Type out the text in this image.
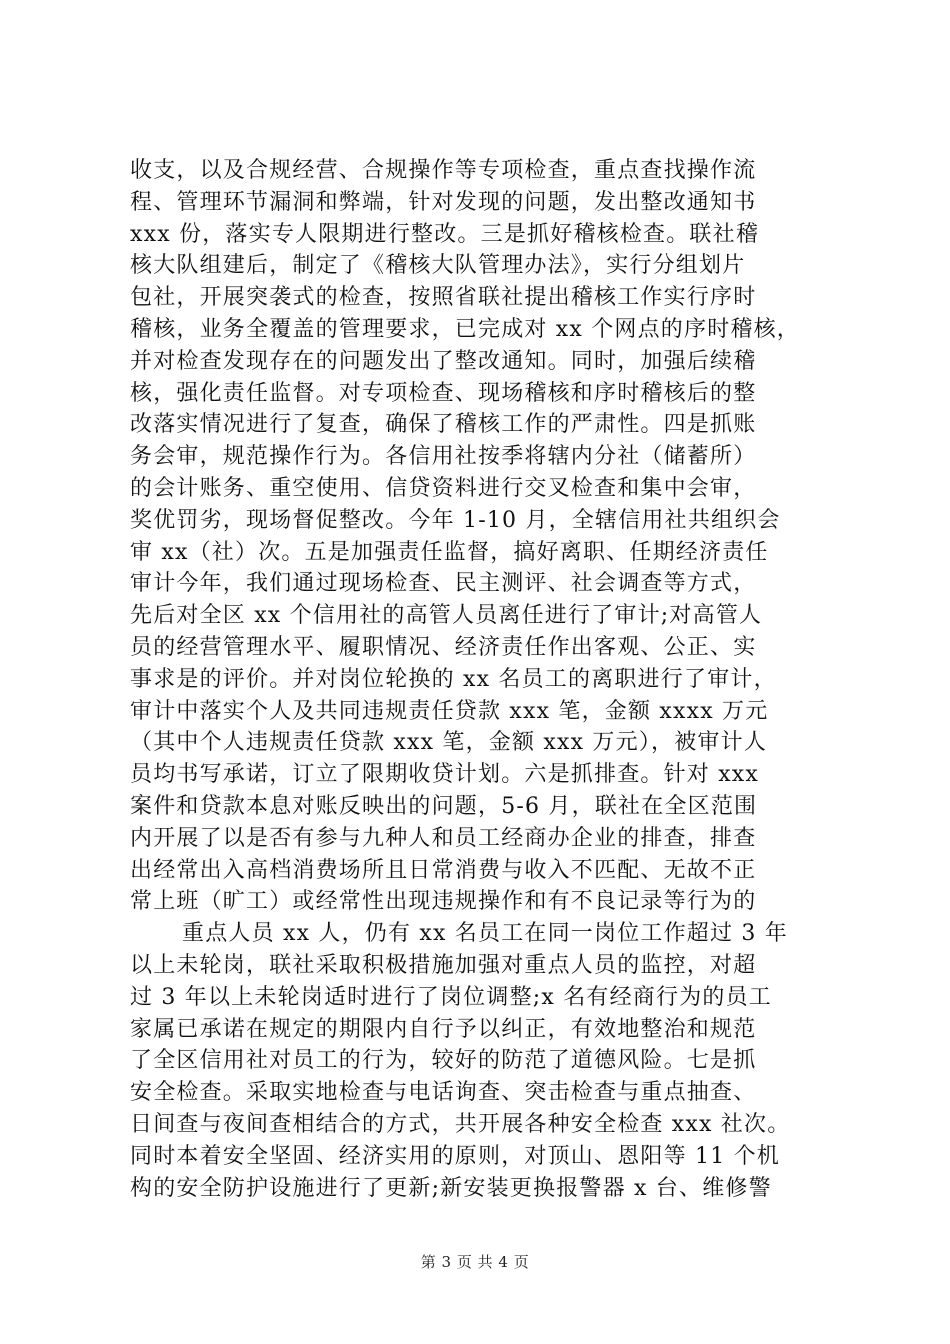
收支，以及合规经营、合规操作等专项检查，重点查找操作流
程、管理环节漏洞和弊端，针对发现的问题，发出整改通知书
xxx 份，落实专人限期进行整改。三是抓好稽核检查。联社稽
核大队组建后，制定了《稽核大队管理办法》，实行分组划片
包社，开展突袭式的检查，按照省联社提出稽核工作实行序时
稽核，业务全覆盖的管理要求，已完成对 xx 个网点的序时稽核，
并对检查发现存在的问题发出了整改通知。同时，加强后续稽
核，强化责任监督。对专项检查、现场稽核和序时稽核后的整
改落实情况进行了复查，确保了稽核工作的严肃性。四是抓账
务会审，规范操作行为。各信用社按季将辖内分社（储蓄所）
的会计账务、重空使用、信贷资料进行交叉检查和集中会审，
奖优罚劣，现场督促整改。今年 1-10 月，全辖信用社共组织会
审 xx（社）次。五是加强责任监督，搞好离职、任期经济责任
审计今年，我们通过现场检查、民主测评、社会调查等方式，
先后对全区 xx 个信用社的高管人员离任进行了审计;对高管人
员的经营管理水平、履职情况、经济责任作出客观、公正、实
事求是的评价。并对岗位轮换的 xx 名员工的离职进行了审计，
审计中落实个人及共同违规责任贷款 xxx 笔，金额 xxxx 万元
（其中个人违规责任贷款 xxx 笔，金额 xxx 万元），被审计人
员均书写承诺，订立了限期收贷计划。六是抓排查。针对 xxx
案件和贷款本息对账反映出的问题，5-6 月，联社在全区范围
内开展了以是否有参与九种人和员工经商办企业的排查，排查
出经常出入高档消费场所且日常消费与收入不匹配、无故不正
常上班（旷工）或经常性出现违规操作和有不良记录等行为的
重点人员 xx 人，仍有 xx 名员工在同一岗位工作超过 3 年
以上未轮岗，联社采取积极措施加强对重点人员的监控，对超
过 3 年以上未轮岗适时进行了岗位调整;x 名有经商行为的员工
家属已承诺在规定的期限内自行予以纠正，有效地整治和规范
了全区信用社对员工的行为，较好的防范了道德风险。七是抓
安全检查。采取实地检查与电话询查、突击检查与重点抽查、
日间查与夜间查相结合的方式，共开展各种安全检查 xxx 社次。
同时本着安全坚固、经济实用的原则，对顶山、恩阳等 11 个机
构的安全防护设施进行了更新;新安装更换报警器 x 台、维修警
第 3 页 共 4 页
